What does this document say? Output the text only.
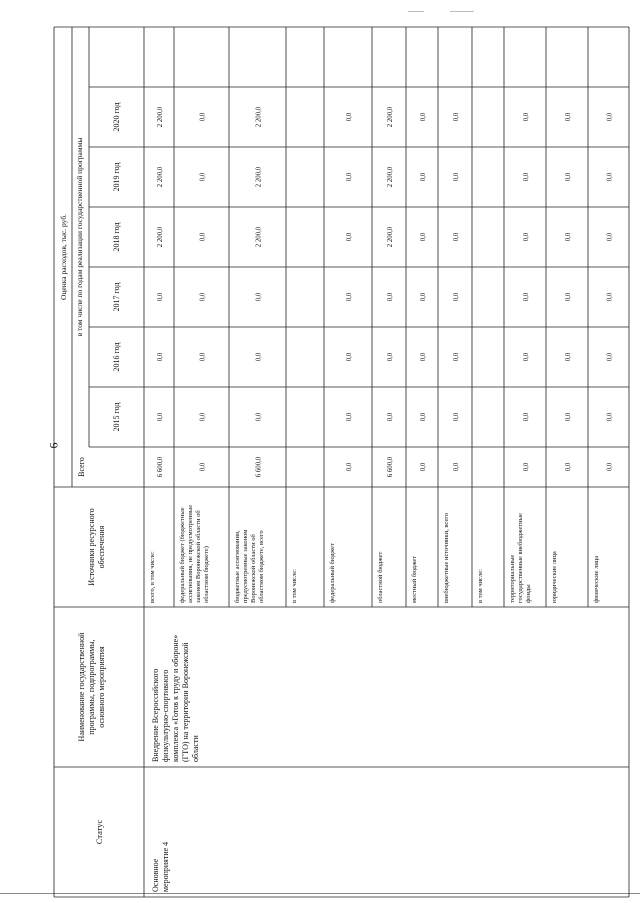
6
Статус
Наименование государственной программы, подпрограммы, основного мероприятия
Источники ресурсного обеспечения
Оценка расходов, тыс. руб.
Всего
в том числе по годам реализации государственной программы
2015 год
2016 год
2017 год
2018 год
2019 год
2020 год
Основное мероприятие 4
Внедрение Всероссийского физкультурно-спортивного комплекса «Готов к труду и обороне» (ГТО) на территории Воронежской области
всего, в том числе:
6 600,0
0,0
0,0
0,0
2 200,0
2 200,0
2 200,0
федеральный бюджет (бюджетные ассигнования, не предусмотренные законом Воронежской области об областном бюджете)
0,0
0,0
0,0
0,0
0,0
0,0
0,0
бюджетные ассигнования, предусмотренные законом Воронежской области об областном бюджете, всего
6 600,0
0,0
0,0
0,0
2 200,0
2 200,0
2 200,0
в том числе:	федеральный бюджет
0,0
0,0
0,0
0,0
0,0
0,0
0,0
областной бюджет
6 600,0
0,0
0,0
0,0
2 200,0
2 200,0
2 200,0
местный бюджет
0,0
0,0
0,0
0,0
0,0
0,0
0,0
внебюджетные источники, всего
0,0
0,0
0,0
0,0
0,0
0,0
0,0
в том числе:	территориальные государственные внебюджетные фонды
0,0
0,0
0,0
0,0
0,0
0,0
0,0
юридические лица
0,0
0,0
0,0
0,0
0,0
0,0
0,0
физические лица
0,0
0,0
0,0
0,0
0,0
0,0
0,0
